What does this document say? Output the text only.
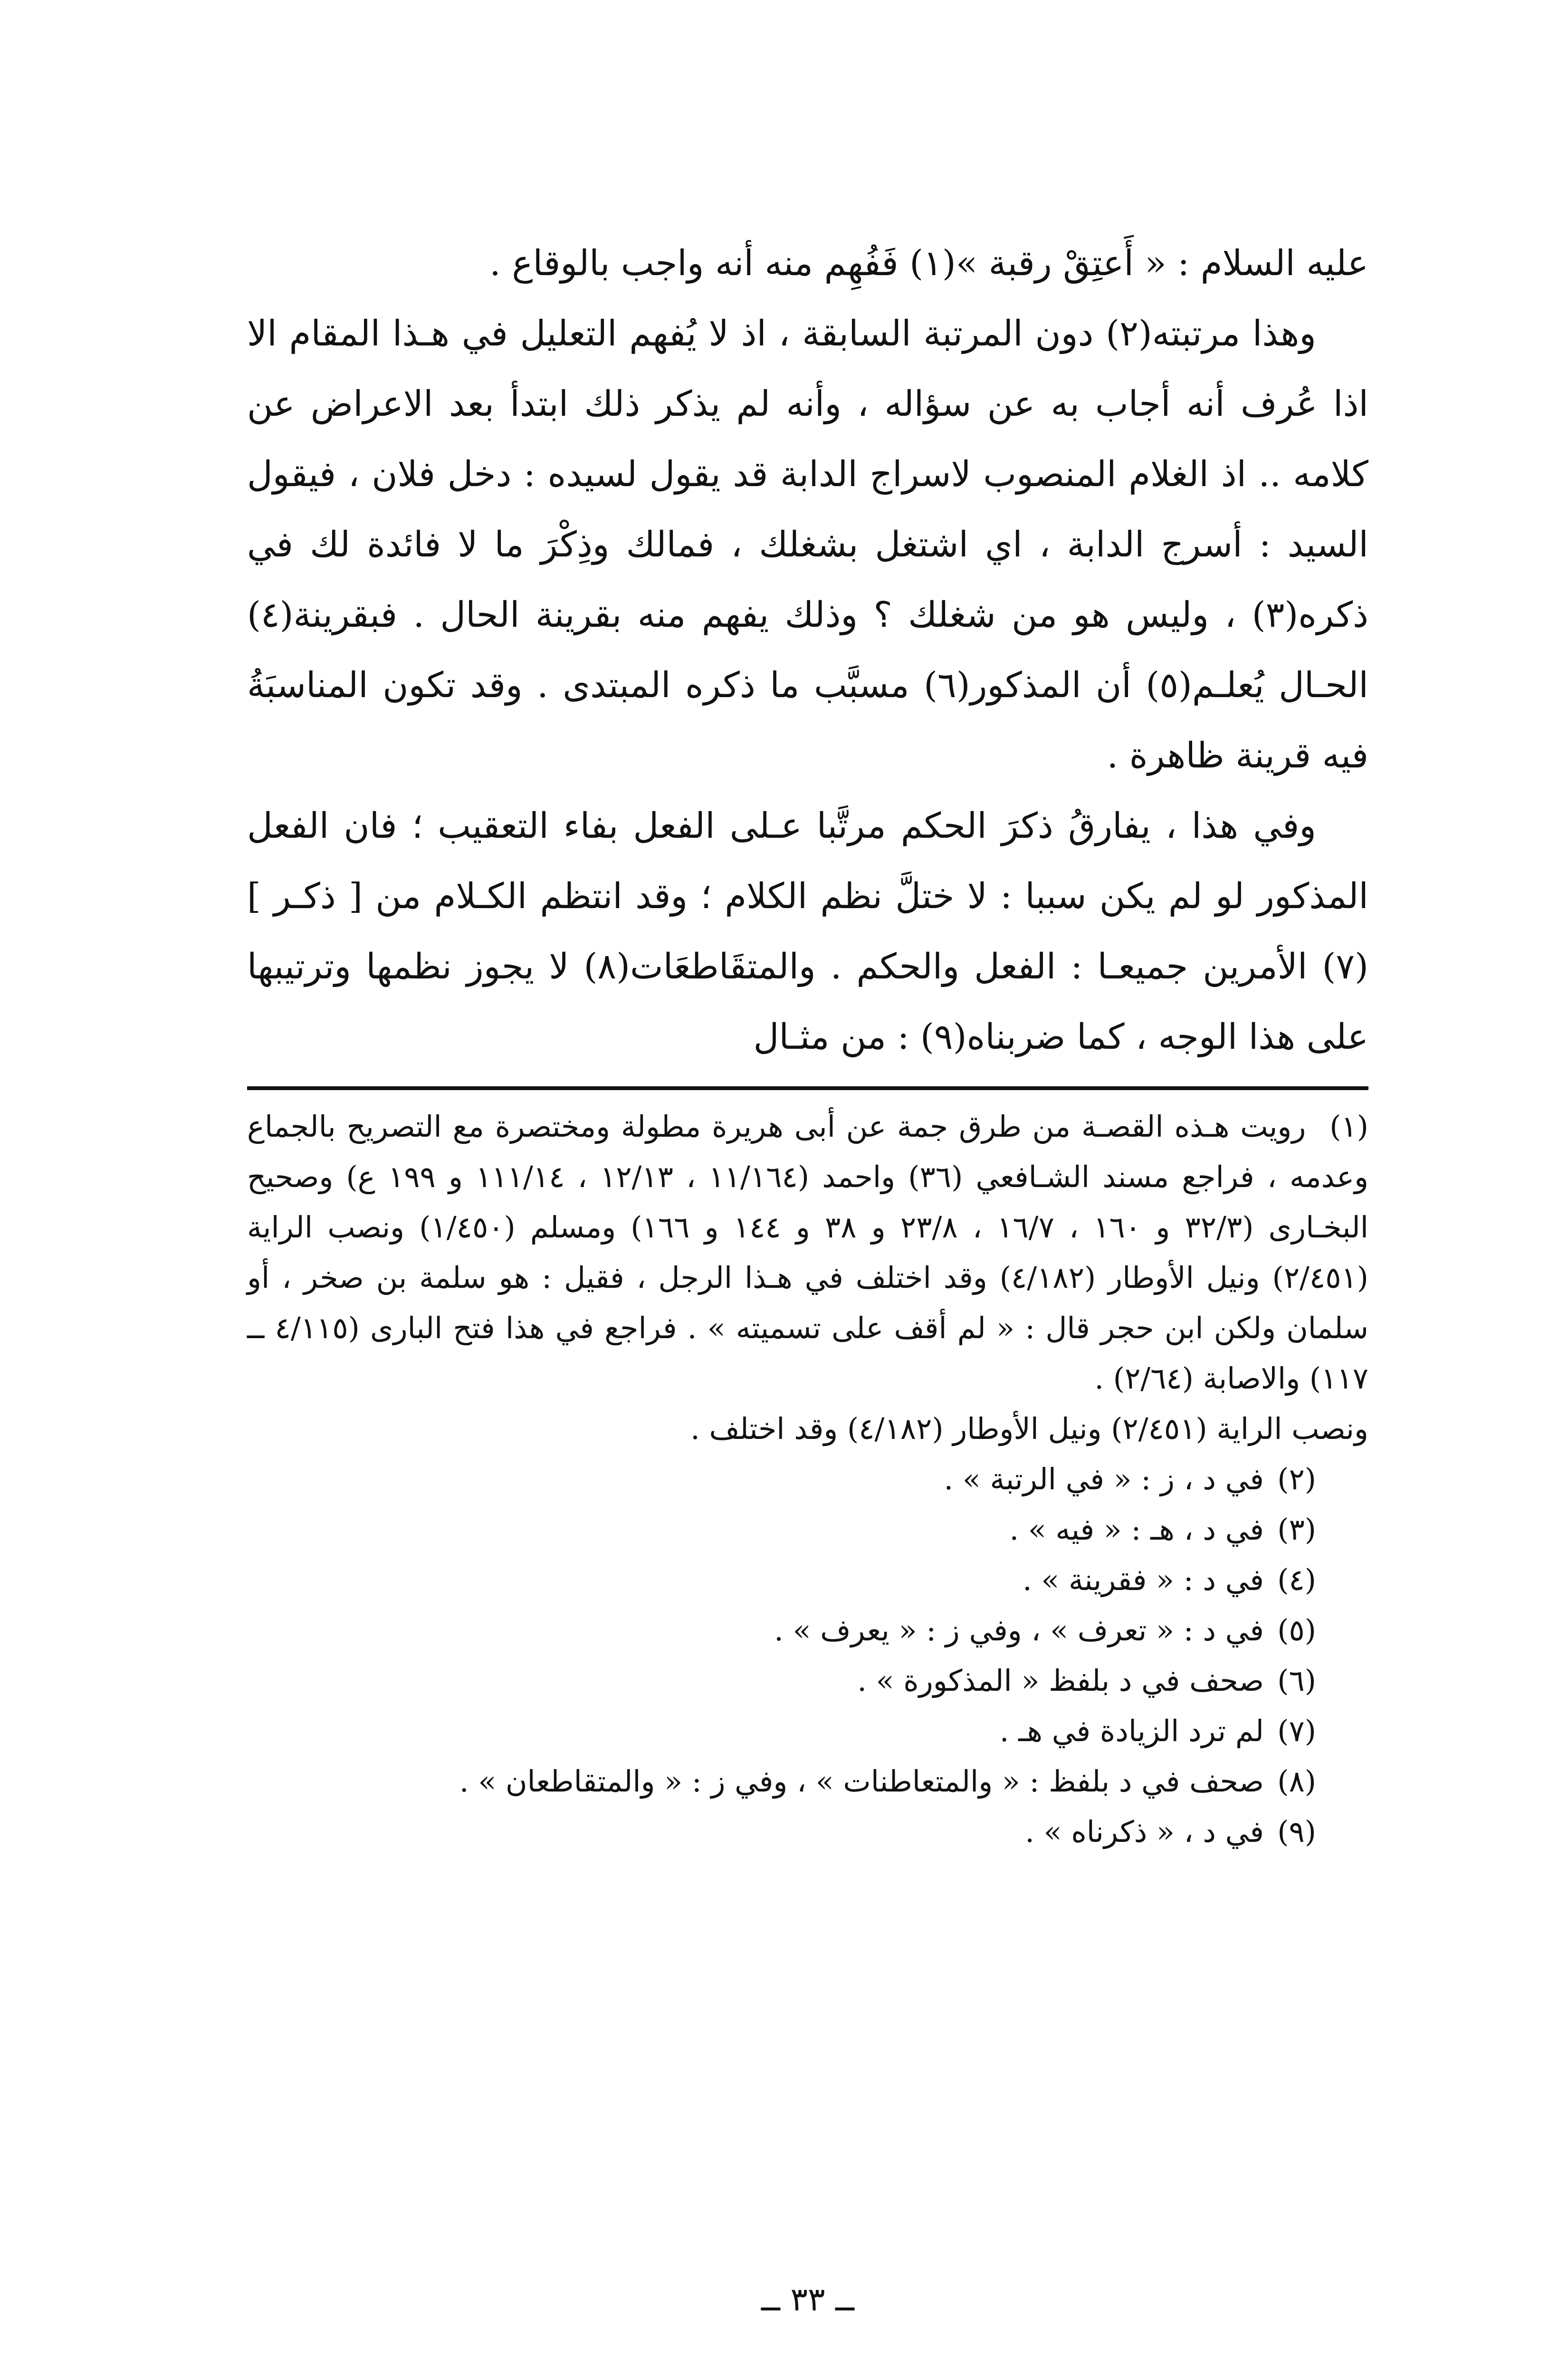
عليه السلام : « أَعتِقْ رقبة »(١) فَفُهِم منه أنه واجب بالوقاع .

وهذا مرتبته(٢) دون المرتبة السابقة ، اذ لا يُفهم التعليل في هـذا المقام الا اذا عُرف أنه أجاب به عن سؤاله ، وأنه لم يذكر ذلك ابتدأ بعد الاعراض عن كلامه .. اذ الغلام المنصوب لاسراج الدابة قد يقول لسيده : دخل فلان ، فيقول السيد : أسرج الدابة ، اي اشتغل بشغلك ، فمالك وذِكْرَ ما لا فائدة لك في ذكره(٣) ، وليس هو من شغلك ؟ وذلك يفهم منه بقرينة الحال . فبقرينة(٤) الحـال يُعلـم(٥) أن المذكور(٦) مسبَّب ما ذكره المبتدى . وقد تكون المناسبَةُ فيه قرينة ظاهرة .

وفي هذا ، يفارقُ ذكرَ الحكم مرتَّبا عـلى الفعل بفاء التعقيب ؛ فان الفعل المذكور لو لم يكن سببا : لا ختلَّ نظم الكلام ؛ وقد انتظم الكـلام من [ ذكـر ](٧) الأمرين جميعـا : الفعل والحكم . والمتقَاطعَات(٨) لا يجوز نظمها وترتيبها على هذا الوجه ، كما ضربناه(٩) : من مثـال

(١)رويت هـذه القصـة من طرق جمة عن أبى هريرة مطولة ومختصرة مع التصريح بالجماع وعدمه ، فراجع مسند الشـافعي (٣٦) واحمد (١١/١٦٤ ، ١٢/١٣ ، ١١١/١٤ و ١٩٩ ع) وصحيح البخـارى (٣٢/٣ و ١٦٠ ، ١٦/٧ ، ٢٣/٨ و ٣٨ و ١٤٤ و ١٦٦) ومسلم (١/٤٥٠) ونصب الراية (٢/٤٥١) ونيل الأوطار (٤/١٨٢) وقد اختلف في هـذا الرجل ، فقيل : هو سلمة بن صخر ، أو سلمان ولكن ابن حجر قال : « لم أقف على تسميته » . فراجع في هذا فتح البارى (٤/١١٥ ــ ١١٧) والاصابة (٢/٦٤) .

ونصب الراية (٢/٤٥١) ونيل الأوطار (٤/١٨٢) وقد اختلف .

(٢)في د ، ز : « في الرتبة » .
(٣)في د ، هـ : « فيه » .
(٤)في د : « فقرينة » .
(٥)في د : « تعرف » ، وفي ز : « يعرف » .
(٦)صحف في د بلفظ « المذكورة » .
(٧)لم ترد الزيادة في هـ .
(٨)صحف في د بلفظ : « والمتعاطنات » ، وفي ز : « والمتقاطعان » .
(٩)في د ، « ذكرناه » .
ــ ٣٣ ــ
